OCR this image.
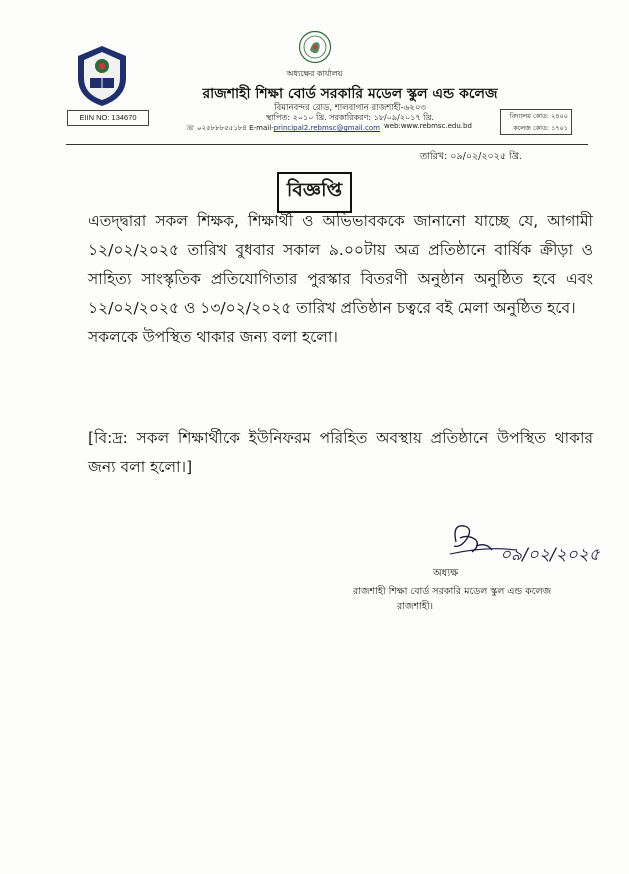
অধ্যক্ষের কার্যালয়
রাজশাহী শিক্ষা বোর্ড সরকারি মডেল স্কুল এন্ড কলেজ
বিমানবন্দর রোড, শালবাগান রাজশাহী-৬২০৩
স্থাপিত: ২০১০ খ্রি. সরকারিকরণ: ১৮/০৯/২০১৭ খ্রি.
☏ ০২৫৮৮৮৫৫১৮৪ E-mail-principal2.rebmsc@gmail.com web:www.rebmsc.edu.bd
EIIN NO: 134670	বিদ্যালয় কোড: ২৪০০
কলেজ কোড: ১৭০১
তারিখ: ০৯/০২/২০২৫ খ্রি.
বিজ্ঞপ্তি
এতদ্দ্বারা সকল শিক্ষক, শিক্ষার্থী ও অভিভাবককে জানানো যাচ্ছে যে, আগামী ১২/০২/২০২৫ তারিখ বুধবার সকাল ৯.০০টায় অত্র প্রতিষ্ঠানে বার্ষিক ক্রীড়া ও সাহিত্য সাংস্কৃতিক প্রতিযোগিতার পুরস্কার বিতরণী অনুষ্ঠান অনুষ্ঠিত হবে এবং ১২/০২/২০২৫ ও ১৩/০২/২০২৫ তারিখ প্রতিষ্ঠান চত্বরে বই মেলা অনুষ্ঠিত হবে।
সকলকে উপস্থিত থাকার জন্য বলা হলো।
[বি:দ্র: সকল শিক্ষার্থীকে ইউনিফরম পরিহিত অবস্থায় প্রতিষ্ঠানে উপস্থিত থাকার জন্য বলা হলো।]
০৯/০২/২০২৫
অধ্যক্ষ
রাজশাহী শিক্ষা বোর্ড সরকারি মডেল স্কুল এন্ড কলেজ
রাজশাহী।
